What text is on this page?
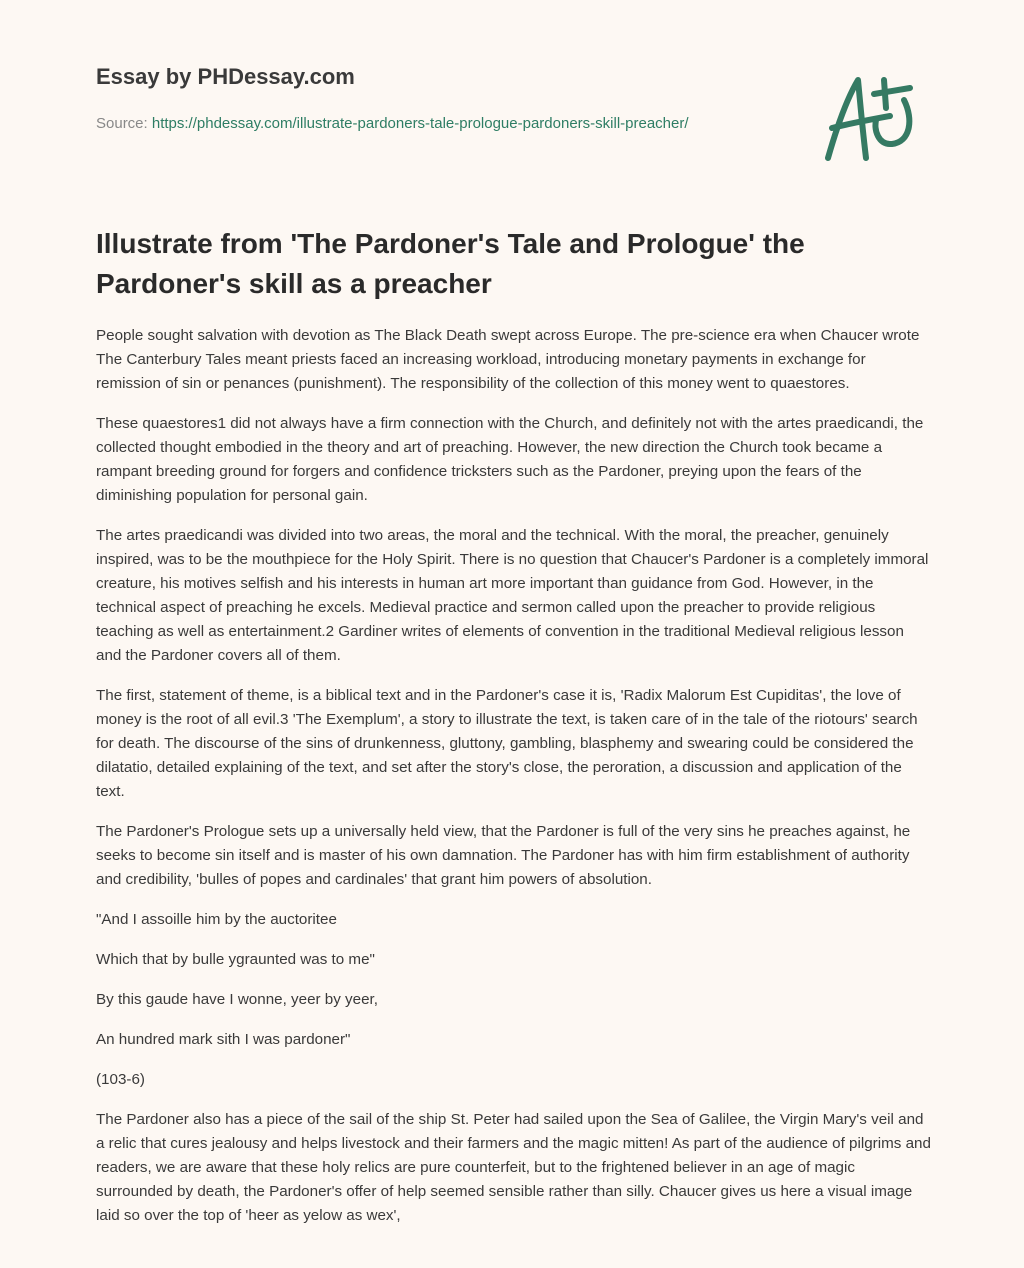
Essay by PHDessay.com
Source: https://phdessay.com/illustrate-pardoners-tale-prologue-pardoners-skill-preacher/
Illustrate from 'The Pardoner's Tale and Prologue' the Pardoner's skill as a preacher

People sought salvation with devotion as The Black Death swept across Europe. The pre-science era when Chaucer wrote The Canterbury Tales meant priests faced an increasing workload, introducing monetary payments in exchange for remission of sin or penances (punishment). The responsibility of the collection of this money went to quaestores.

These quaestores1 did not always have a firm connection with the Church, and definitely not with the artes praedicandi, the collected thought embodied in the theory and art of preaching. However, the new direction the Church took became a rampant breeding ground for forgers and confidence tricksters such as the Pardoner, preying upon the fears of the diminishing population for personal gain.

The artes praedicandi was divided into two areas, the moral and the technical. With the moral, the preacher, genuinely inspired, was to be the mouthpiece for the Holy Spirit. There is no question that Chaucer's Pardoner is a completely immoral creature, his motives selfish and his interests in human art more important than guidance from God. However, in the technical aspect of preaching he excels. Medieval practice and sermon called upon the preacher to provide religious teaching as well as entertainment.2 Gardiner writes of elements of convention in the traditional Medieval religious lesson and the Pardoner covers all of them.

The first, statement of theme, is a biblical text and in the Pardoner's case it is, 'Radix Malorum Est Cupiditas', the love of money is the root of all evil.3 'The Exemplum', a story to illustrate the text, is taken care of in the tale of the riotours' search for death. The discourse of the sins of drunkenness, gluttony, gambling, blasphemy and swearing could be considered the dilatatio, detailed explaining of the text, and set after the story's close, the peroration, a discussion and application of the text.

The Pardoner's Prologue sets up a universally held view, that the Pardoner is full of the very sins he preaches against, he seeks to become sin itself and is master of his own damnation. The Pardoner has with him firm establishment of authority and credibility, 'bulles of popes and cardinales' that grant him powers of absolution.

"And I assoille him by the auctoritee

Which that by bulle ygraunted was to me"

By this gaude have I wonne, yeer by yeer,

An hundred mark sith I was pardoner"

(103-6)

The Pardoner also has a piece of the sail of the ship St. Peter had sailed upon the Sea of Galilee, the Virgin Mary's veil and a relic that cures jealousy and helps livestock and their farmers and the magic mitten! As part of the audience of pilgrims and readers, we are aware that these holy relics are pure counterfeit, but to the frightened believer in an age of magic surrounded by death, the Pardoner's offer of help seemed sensible rather than silly. Chaucer gives us here a visual image laid so over the top of 'heer as yelow as wex',
